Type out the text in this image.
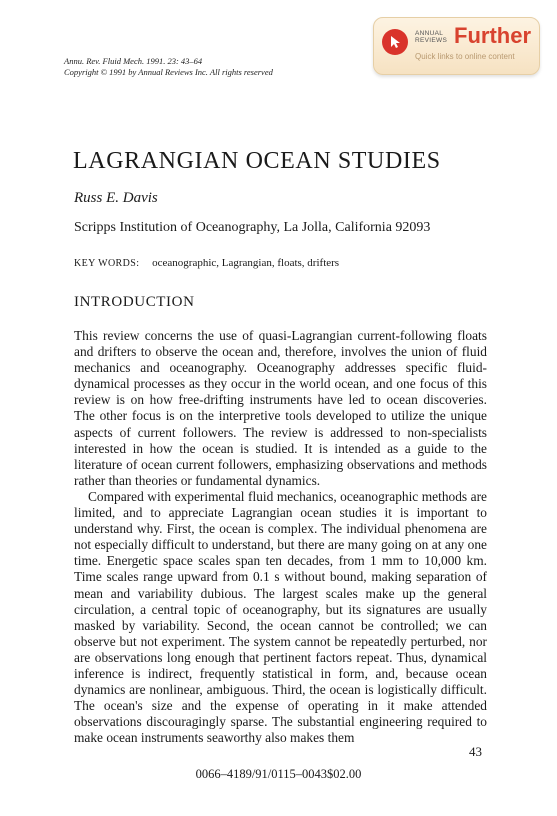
Annu. Rev. Fluid Mech. 1991. 23: 43–64
Copyright © 1991 by Annual Reviews Inc. All rights reserved
ANNUAL
REVIEWS Further
Quick links to online content
LAGRANGIAN OCEAN STUDIES
Russ E. Davis
Scripps Institution of Oceanography, La Jolla, California 92093
KEY WORDS: oceanographic, Lagrangian, floats, drifters
INTRODUCTION

This review concerns the use of quasi-Lagrangian current-following floats and drifters to observe the ocean and, therefore, involves the union of fluid mechanics and oceanography. Oceanography addresses specific fluid-dynamical processes as they occur in the world ocean, and one focus of this review is on how free-drifting instruments have led to ocean discoveries. The other focus is on the interpretive tools developed to utilize the unique aspects of current followers. The review is addressed to non-specialists interested in how the ocean is studied. It is intended as a guide to the literature of ocean current followers, emphasizing observations and methods rather than theories or fundamental dynamics.

Compared with experimental fluid mechanics, oceanographic methods are limited, and to appreciate Lagrangian ocean studies it is important to understand why. First, the ocean is complex. The individual phenomena are not especially difficult to understand, but there are many going on at any one time. Energetic space scales span ten decades, from 1 mm to 10,000 km. Time scales range upward from 0.1 s without bound, making separation of mean and variability dubious. The largest scales make up the general circulation, a central topic of oceanography, but its signatures are usually masked by variability. Second, the ocean cannot be controlled; we can observe but not experiment. The system cannot be repeatedly perturbed, nor are observations long enough that pertinent factors repeat. Thus, dynamical inference is indirect, frequently statistical in form, and, because ocean dynamics are nonlinear, ambiguous. Third, the ocean is logistically difficult. The ocean's size and the expense of operating in it make attended observations discouragingly sparse. The substantial engineering required to make ocean instruments seaworthy also makes them

43
0066–4189/91/0115–0043$02.00
